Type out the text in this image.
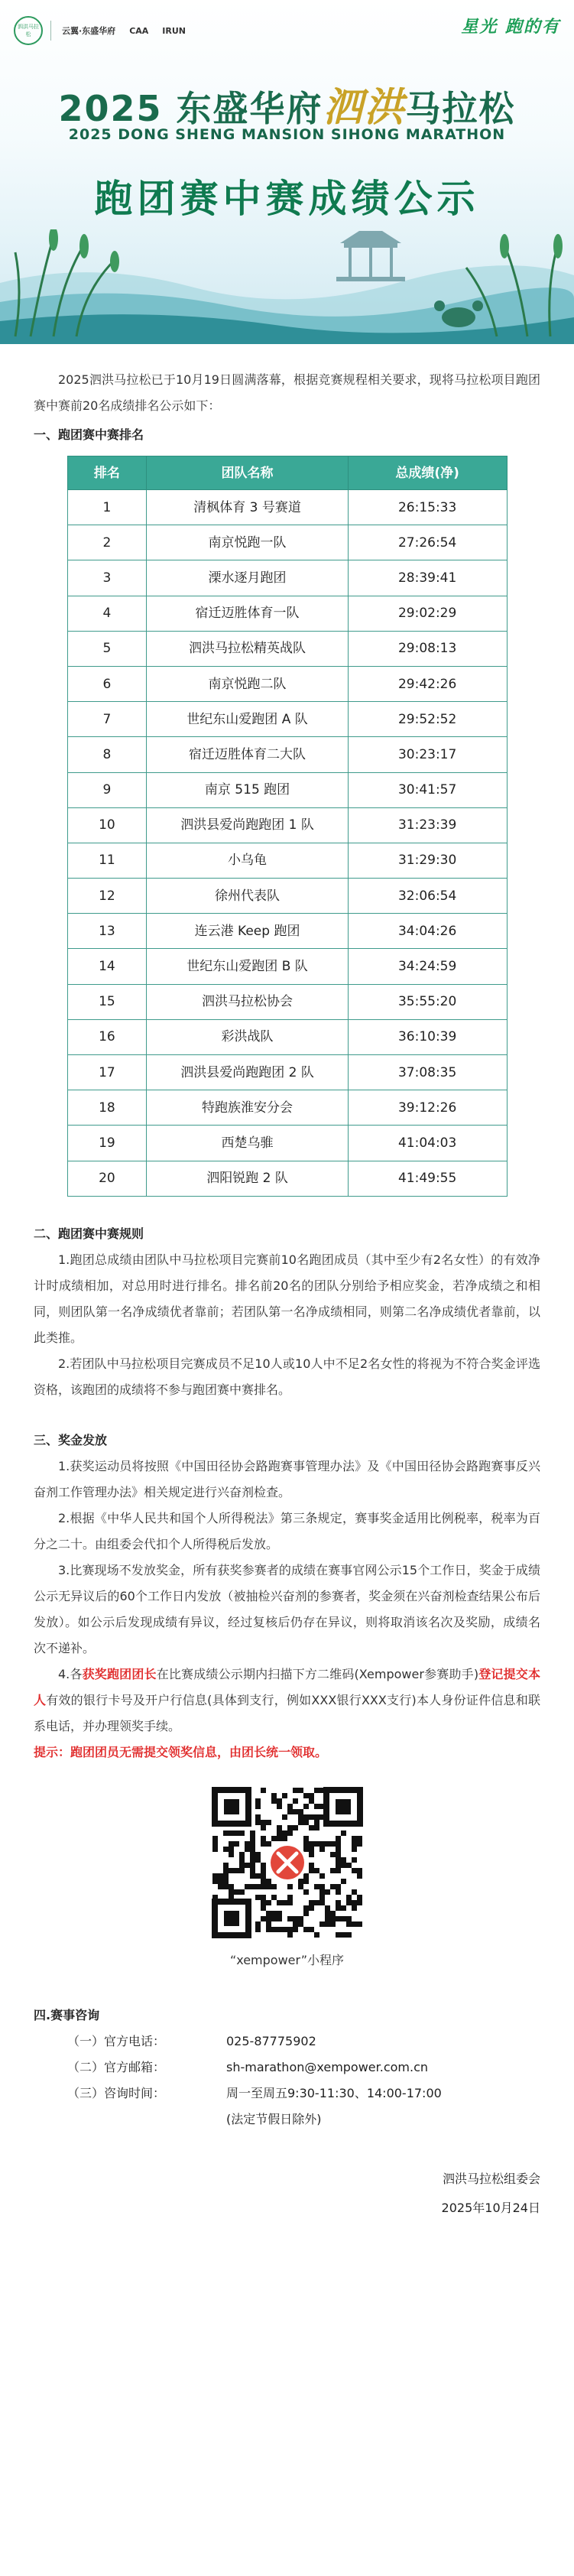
泗洪马拉松	云翼·东盛华府	CAA	IRUN	星光 跑的有
2025 东盛华府泗洪马拉松
2025 DONG SHENG MANSION SIHONG MARATHON
跑团赛中赛成绩公示

2025泗洪马拉松已于10月19日圆满落幕，根据竞赛规程相关要求，现将马拉松项目跑团赛中赛前20名成绩排名公示如下：

一、跑团赛中赛排名

排名	团队名称	总成绩(净)
1	清枫体育 3 号赛道	26:15:33
2	南京悦跑一队	27:26:54
3	溧水逐月跑团	28:39:41
4	宿迁迈胜体育一队	29:02:29
5	泗洪马拉松精英战队	29:08:13
6	南京悦跑二队	29:42:26
7	世纪东山爱跑团 A 队	29:52:52
8	宿迁迈胜体育二大队	30:23:17
9	南京 515 跑团	30:41:57
10	泗洪县爱尚跑跑团 1 队	31:23:39
11	小乌龟	31:29:30
12	徐州代表队	32:06:54
13	连云港 Keep 跑团	34:04:26
14	世纪东山爱跑团 B 队	34:24:59
15	泗洪马拉松协会	35:55:20
16	彩洪战队	36:10:39
17	泗洪县爱尚跑跑团 2 队	37:08:35
18	特跑族淮安分会	39:12:26
19	西楚乌骓	41:04:03
20	泗阳锐跑 2 队	41:49:55

二、跑团赛中赛规则

1.跑团总成绩由团队中马拉松项目完赛前10名跑团成员（其中至少有2名女性）的有效净计时成绩相加，对总用时进行排名。排名前20名的团队分别给予相应奖金，若净成绩之和相同，则团队第一名净成绩优者靠前；若团队第一名净成绩相同，则第二名净成绩优者靠前，以此类推。

2.若团队中马拉松项目完赛成员不足10人或10人中不足2名女性的将视为不符合奖金评选资格，该跑团的成绩将不参与跑团赛中赛排名。

三、奖金发放

1.获奖运动员将按照《中国田径协会路跑赛事管理办法》及《中国田径协会路跑赛事反兴奋剂工作管理办法》相关规定进行兴奋剂检查。

2.根据《中华人民共和国个人所得税法》第三条规定，赛事奖金适用比例税率，税率为百分之二十。由组委会代扣个人所得税后发放。

3.比赛现场不发放奖金，所有获奖参赛者的成绩在赛事官网公示15个工作日，奖金于成绩公示无异议后的60个工作日内发放（被抽检兴奋剂的参赛者，奖金须在兴奋剂检查结果公布后发放）。如公示后发现成绩有异议，经过复核后仍存在异议，则将取消该名次及奖励，成绩名次不递补。

4.各获奖跑团团长在比赛成绩公示期内扫描下方二维码(Xempower参赛助手)登记提交本人有效的银行卡号及开户行信息(具体到支行，例如XXX银行XXX支行)本人身份证件信息和联系电话，并办理领奖手续。

提示：跑团团员无需提交领奖信息，由团长统一领取。

“xempower”小程序

四.赛事咨询

（一）官方电话：	025-87775902
（二）官方邮箱：	sh-marathon@xempower.com.cn
（三）咨询时间：	周一至周五9:30-11:30、14:00-17:00
(法定节假日除外)

泗洪马拉松组委会

2025年10月24日
